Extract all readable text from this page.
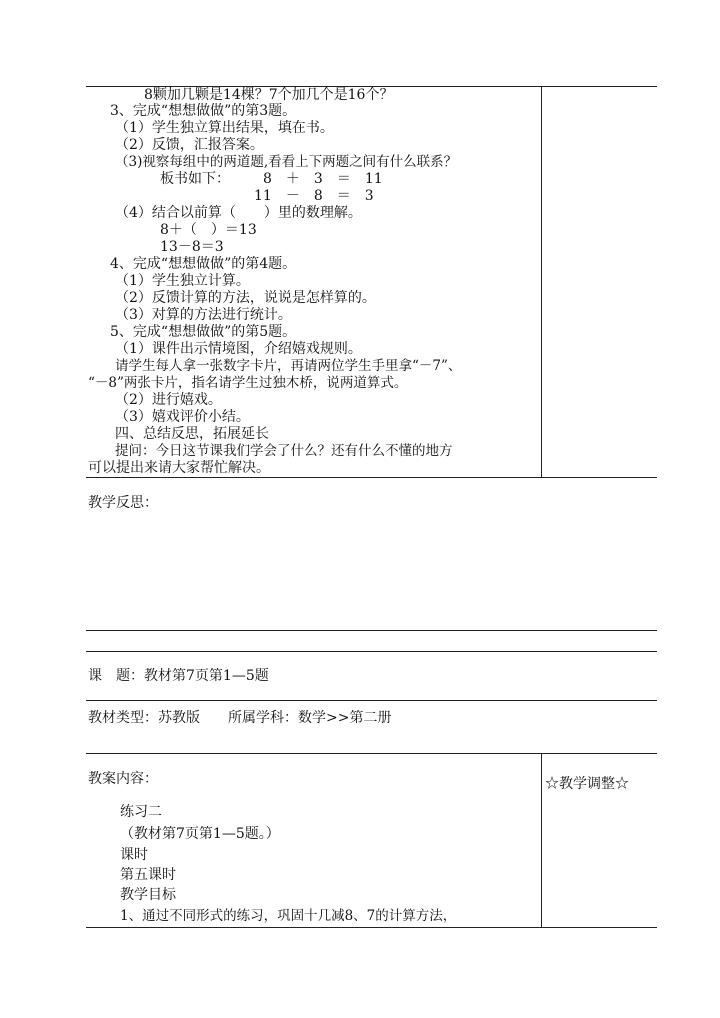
8颗加几颗是14棵？7个加几个是16个？
3、完成“想想做做”的第3题。
（1）学生独立算出结果，填在书。
（2）反馈，汇报答案。
（3)视察每组中的两道题,看看上下两题之间有什么联系？
板书如下： 8　＋　3　＝　11
11　－　8　＝　3
（4）结合以前算（　　）里的数理解。
8＋（　）＝13
13－8＝3
4、完成“想想做做”的第4题。
（1）学生独立计算。
（2）反馈计算的方法，说说是怎样算的。
（3）对算的方法进行统计。
5、完成“想想做做”的第5题。
（1）课件出示情境图，介绍嬉戏规则。
请学生每人拿一张数字卡片，再请两位学生手里拿“－7”、
“－8”两张卡片，指名请学生过独木桥，说两道算式。
（2）进行嬉戏。
（3）嬉戏评价小结。
四、总结反思，拓展延长
提问：今日这节课我们学会了什么？还有什么不懂的地方
可以提出来请大家帮忙解决。
教学反思：
课　题：教材第7页第1—5题
教材类型：苏教版　　所属学科：数学>>第二册
教案内容：	☆教学调整☆
练习二
（教材第7页第1—5题。）
课时
第五课时
教学目标
1、通过不同形式的练习，巩固十几减8、7的计算方法，
